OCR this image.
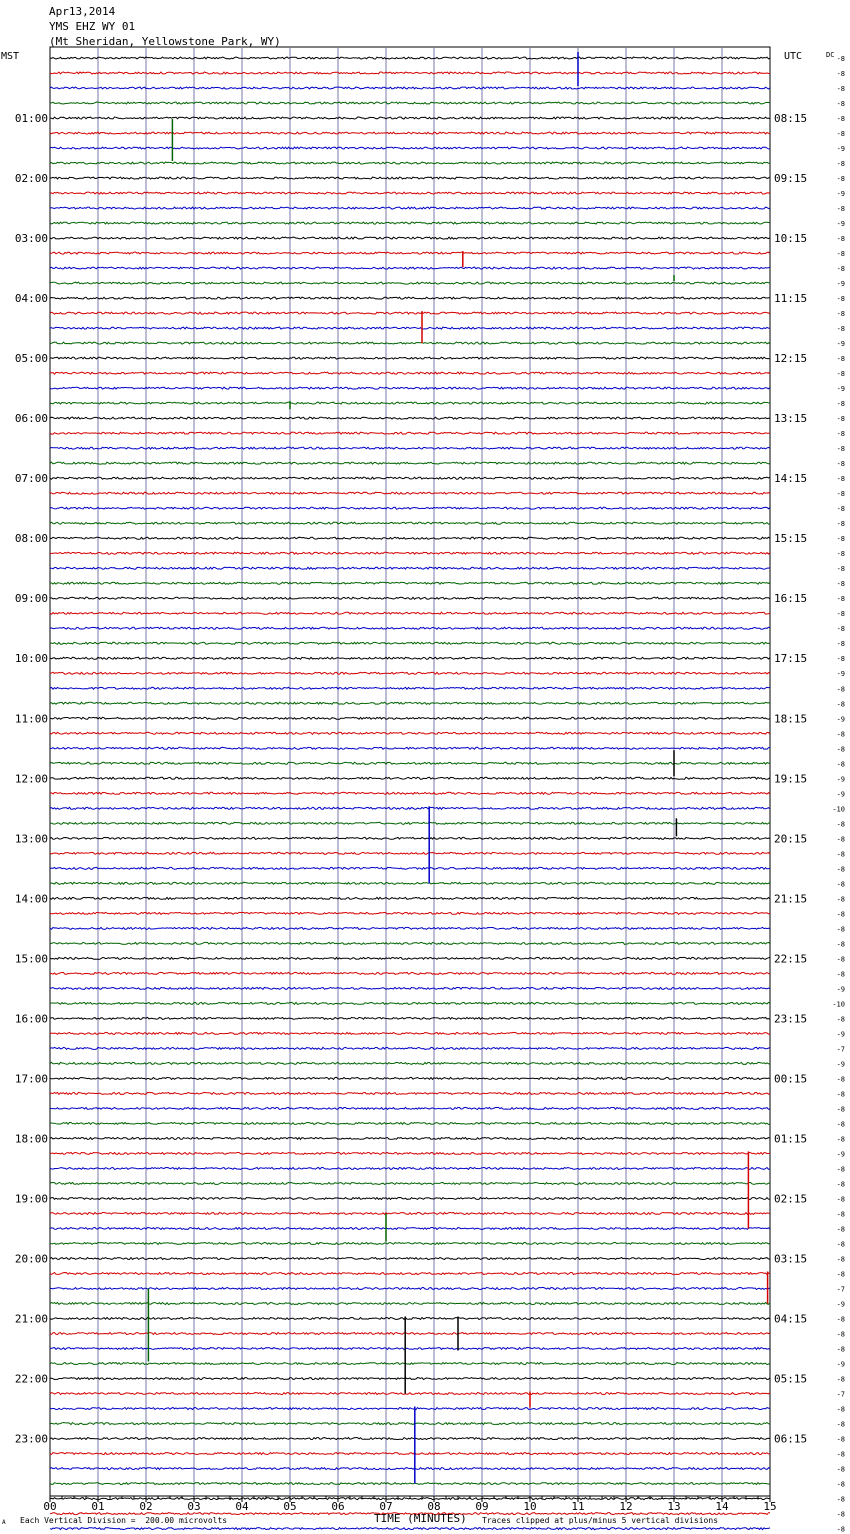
Apr13,2014
YMS EHZ WY 01
(Mt Sheridan, Yellowstone Park, WY)
MST	UTC	DC -8
-8
-8
-8
-8
-8
-9
-8
-8
-9
-8
-9
-8
-8
-8
-9
-8
-8
-8
-9
-8
-8
-9
-8
-8
-8
-8
-8
-8
-8
-8
-8
-8
-8
-8
-8
-8
-8
-8
-8
-8
-9
-8
-8
-9
-8
-8
-8
-9
-9
-10
-8
-8
-8
-8
-8
-8
-8
-8
-8
-8
-8
-9
-10
-8
-9
-7
-9
-8
-8
-8
-8
-8
-9
-8
-8
-8
-8
-8
-8
-8
-8
-7
-9
-8
-8
-8
-9
-8
-7
-8
-8
-8
-8
-8
-8
-8
-8
-8
01:00
02:00
03:00
04:00
05:00
06:00
07:00
08:00
09:00
10:00
11:00
12:00
13:00
14:00
15:00
16:00
17:00
18:00
19:00
20:00
21:00
22:00
23:00
08:15
09:15
10:15
11:15
12:15
13:15
14:15
15:15
16:15
17:15
18:15
19:15
20:15
21:15
22:15
23:15
00:15
01:15
02:15
03:15
04:15
05:15
06:15
00	01	02	03	04	05	06	07	08	09	10	11	12	13	14	15
A Each Vertical Division =  200.00 microvolts	TIME (MINUTES) Traces clipped at plus/minus 5 vertical divisions
